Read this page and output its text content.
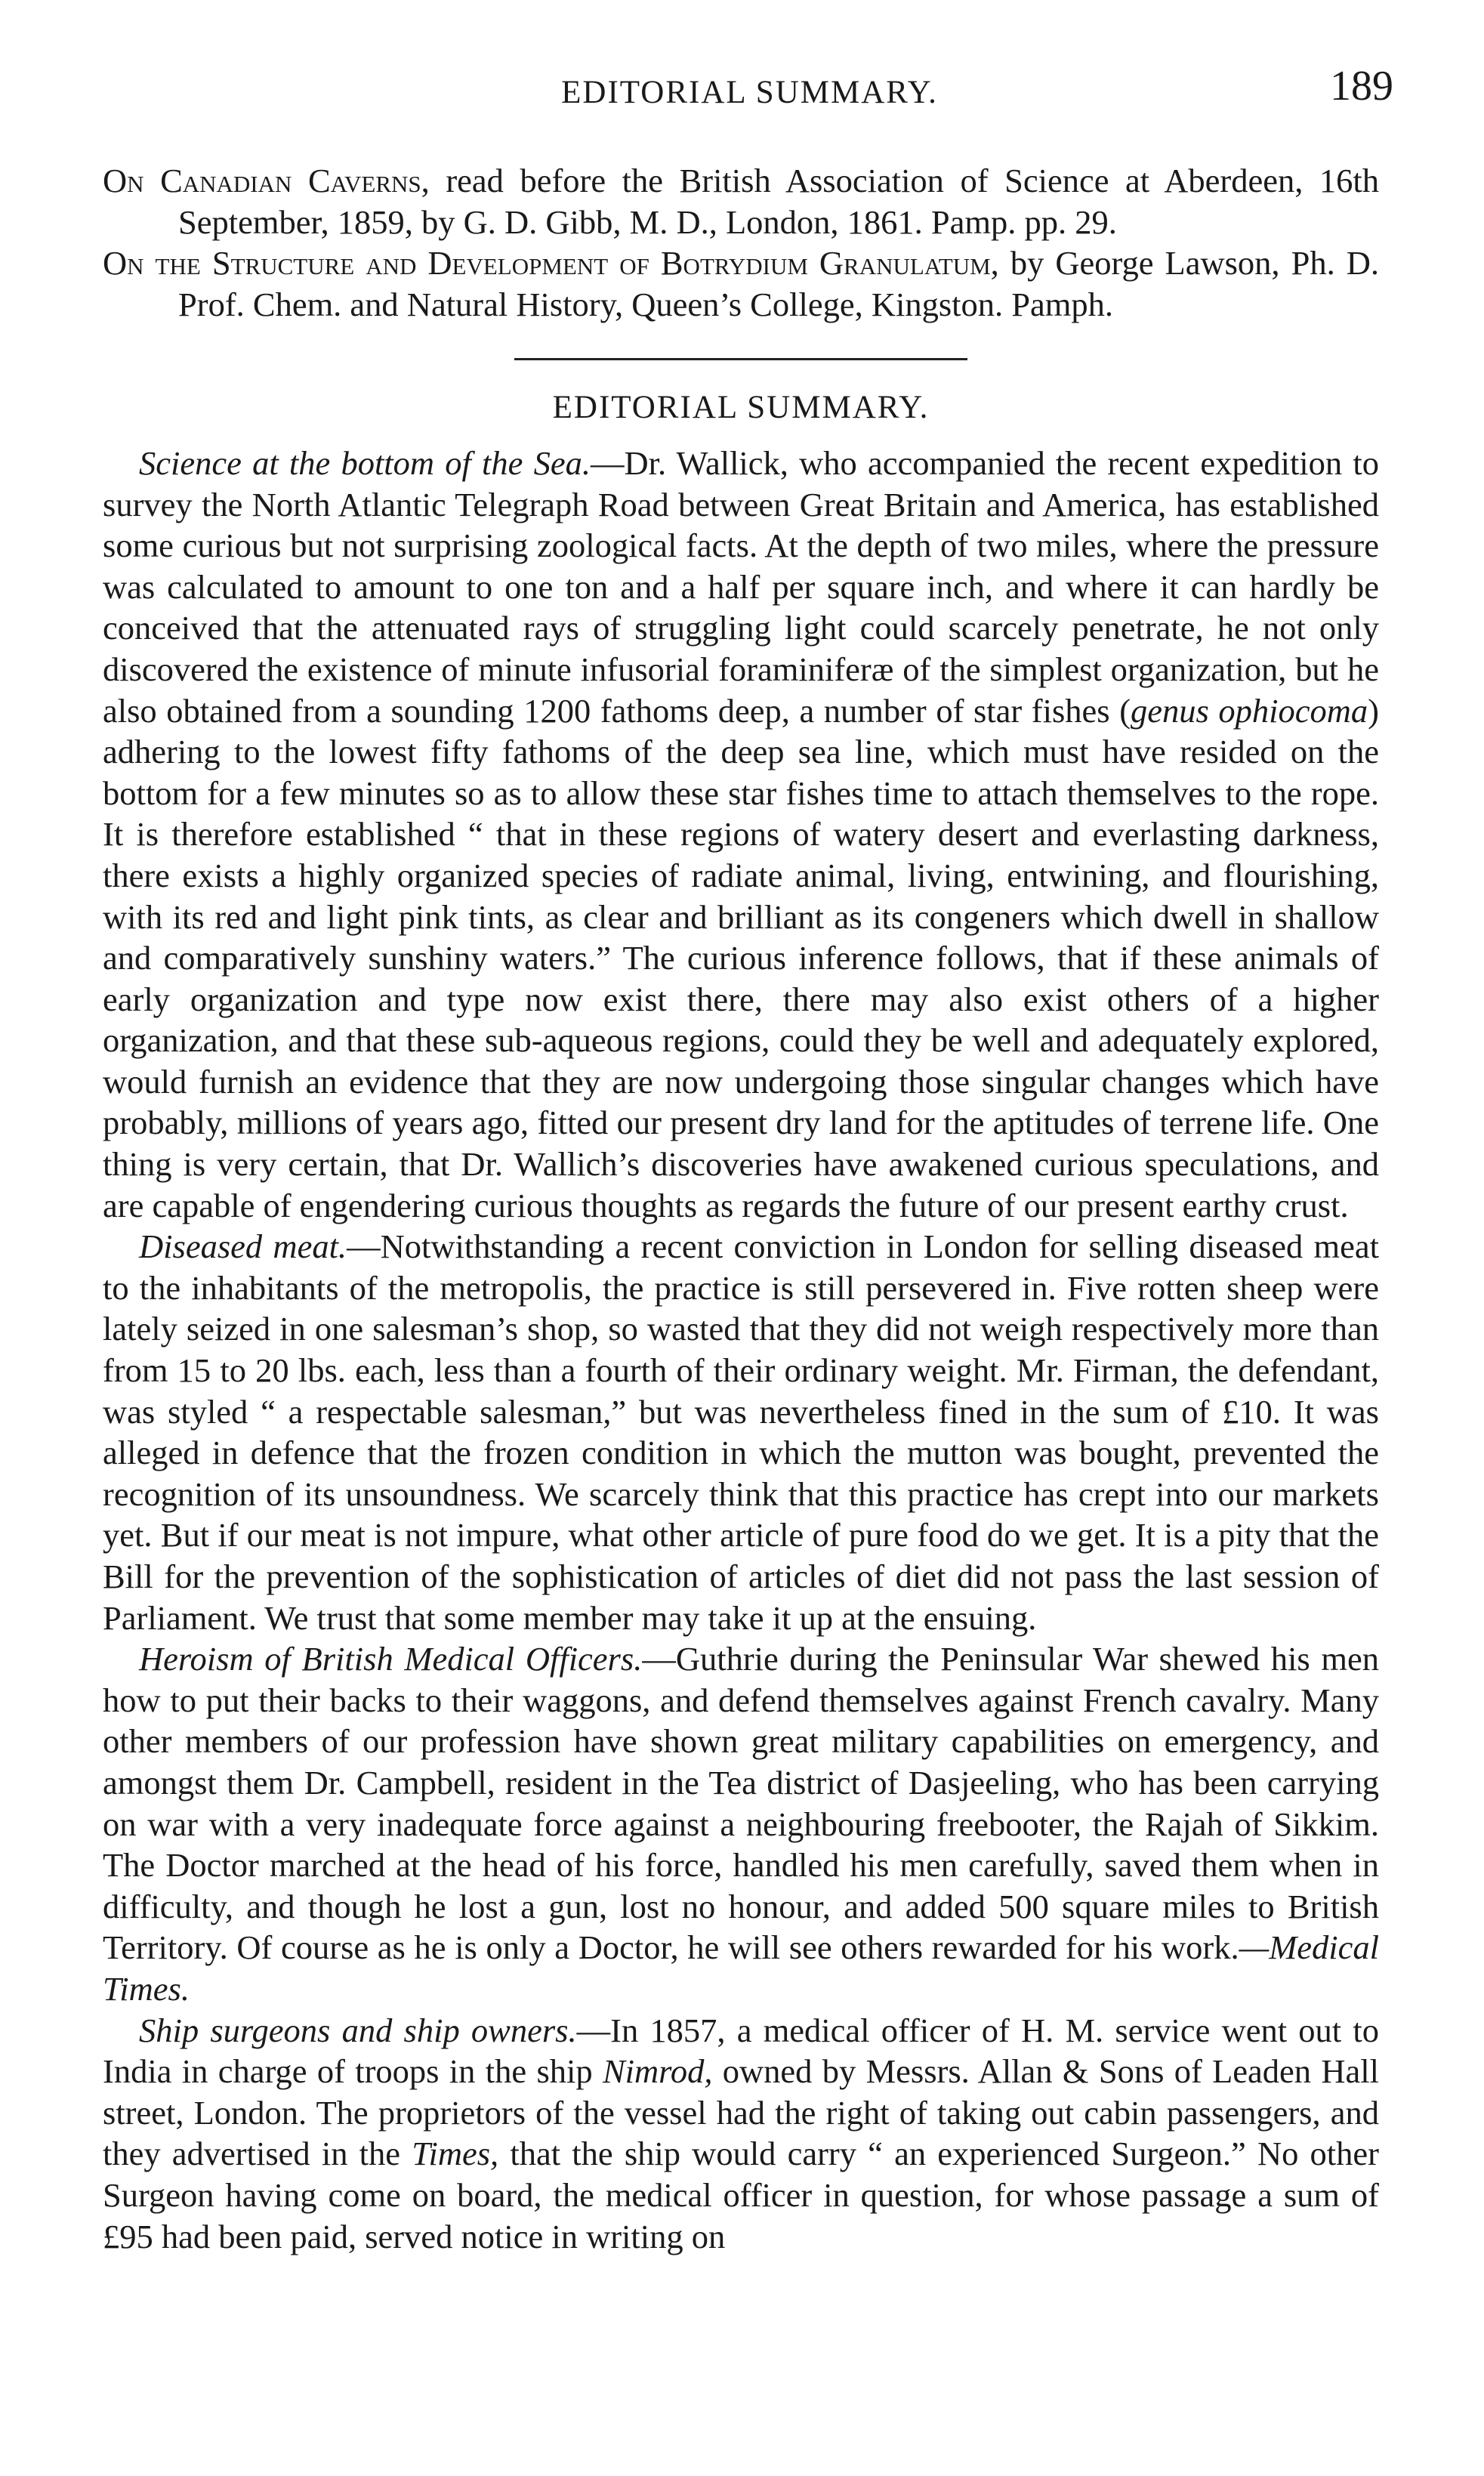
EDITORIAL SUMMARY.	189

On Canadian Caverns, read before the British Association of Science at Aberdeen, 16th September, 1859, by G. D. Gibb, M. D., London, 1861. Pamp. pp. 29.

On the Structure and Development of Botrydium Granulatum, by George Lawson, Ph. D. Prof. Chem. and Natural History, Queen’s College, Kingston. Pamph.

EDITORIAL SUMMARY.

Science at the bottom of the Sea.—Dr. Wallick, who accompanied the recent expedition to survey the North Atlantic Telegraph Road between Great Britain and America, has established some curious but not surprising zoological facts. At the depth of two miles, where the pressure was calculated to amount to one ton and a half per square inch, and where it can hardly be conceived that the attenuated rays of struggling light could scarcely penetrate, he not only discovered the existence of minute infusorial foraminiferæ of the simplest organization, but he also obtained from a sounding 1200 fathoms deep, a number of star fishes (genus ophiocoma) adhering to the lowest fifty fathoms of the deep sea line, which must have resided on the bottom for a few minutes so as to allow these star fishes time to attach themselves to the rope. It is therefore established “ that in these regions of watery desert and everlasting darkness, there exists a highly organized species of radiate animal, living, entwining, and flourishing, with its red and light pink tints, as clear and brilliant as its congeners which dwell in shallow and comparatively sunshiny waters.” The curious inference follows, that if these animals of early organization and type now exist there, there may also exist others of a higher organization, and that these sub-aqueous regions, could they be well and adequately explored, would furnish an evidence that they are now undergoing those singular changes which have probably, millions of years ago, fitted our present dry land for the aptitudes of terrene life. One thing is very certain, that Dr. Wallich’s discoveries have awakened curious speculations, and are capable of engendering curious thoughts as regards the future of our present earthy crust.

Diseased meat.—Notwithstanding a recent conviction in London for selling diseased meat to the inhabitants of the metropolis, the practice is still persevered in. Five rotten sheep were lately seized in one salesman’s shop, so wasted that they did not weigh respectively more than from 15 to 20 lbs. each, less than a fourth of their ordinary weight. Mr. Firman, the defendant, was styled “ a respectable salesman,” but was nevertheless fined in the sum of £10. It was alleged in defence that the frozen condition in which the mutton was bought, prevented the recognition of its unsoundness. We scarcely think that this practice has crept into our markets yet. But if our meat is not impure, what other article of pure food do we get. It is a pity that the Bill for the prevention of the sophistication of articles of diet did not pass the last session of Parliament. We trust that some member may take it up at the ensuing.

Heroism of British Medical Officers.—Guthrie during the Peninsular War shewed his men how to put their backs to their waggons, and defend themselves against French cavalry. Many other members of our profession have shown great military capabilities on emergency, and amongst them Dr. Campbell, resident in the Tea district of Dasjeeling, who has been carrying on war with a very inadequate force against a neighbouring freebooter, the Rajah of Sikkim. The Doctor marched at the head of his force, handled his men carefully, saved them when in difficulty, and though he lost a gun, lost no honour, and added 500 square miles to British Territory. Of course as he is only a Doctor, he will see others rewarded for his work.—Medical Times.

Ship surgeons and ship owners.—In 1857, a medical officer of H. M. service went out to India in charge of troops in the ship Nimrod, owned by Messrs. Allan & Sons of Leaden Hall street, London. The proprietors of the vessel had the right of taking out cabin passengers, and they advertised in the Times, that the ship would carry “ an experienced Surgeon.” No other Surgeon having come on board, the medical officer in question, for whose passage a sum of £95 had been paid, served notice in writing on
